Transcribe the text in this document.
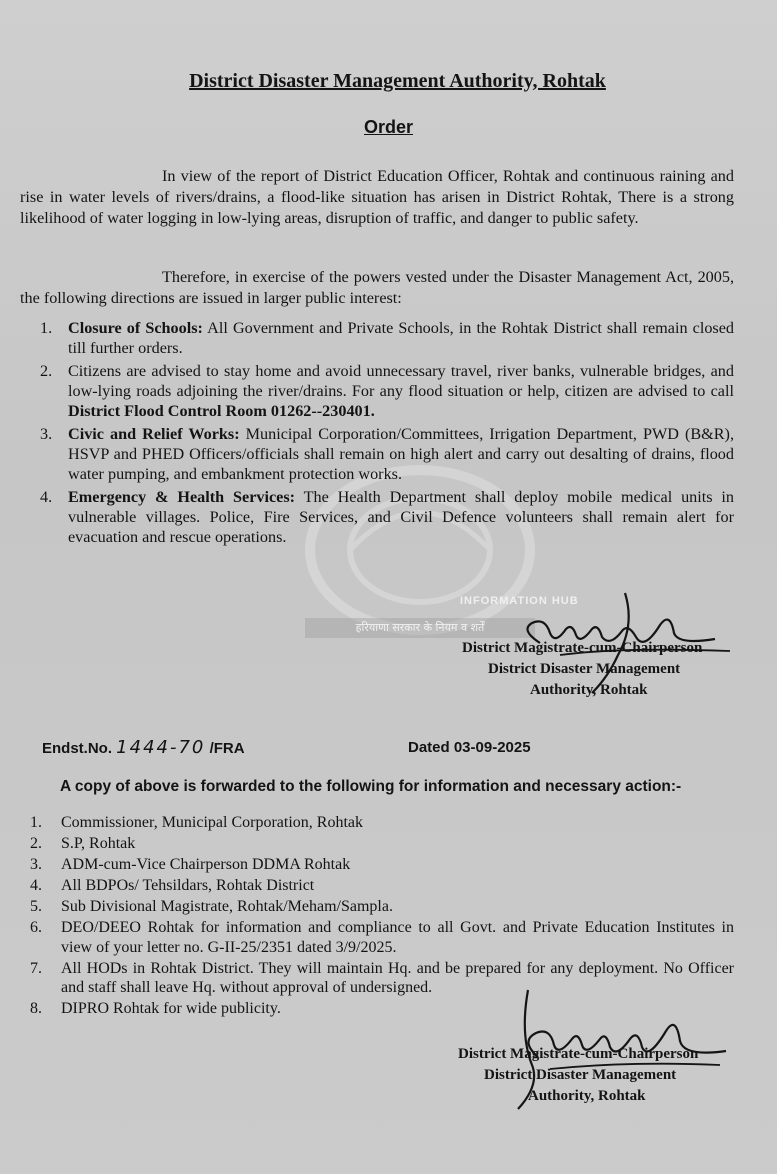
District Disaster Management Authority, Rohtak
Order
In view of the report of District Education Officer, Rohtak and continuous raining and rise in water levels of rivers/drains, a flood-like situation has arisen in District Rohtak, There is a strong likelihood of water logging in low-lying areas, disruption of traffic, and danger to public safety.
Therefore, in exercise of the powers vested under the Disaster Management Act, 2005, the following directions are issued in larger public interest:
INFORMATION HUB
हरियाणा सरकार के नियम व शर्तें
1. Closure of Schools: All Government and Private Schools, in the Rohtak District shall remain closed till further orders.
2. Citizens are advised to stay home and avoid unnecessary travel, river banks, vulnerable bridges, and low-lying roads adjoining the river/drains. For any flood situation or help, citizen are advised to call District Flood Control Room 01262--230401.
3. Civic and Relief Works: Municipal Corporation/Committees, Irrigation Department, PWD (B&R), HSVP and PHED Officers/officials shall remain on high alert and carry out desalting of drains, flood water pumping, and embankment protection works.
4. Emergency & Health Services: The Health Department shall deploy mobile medical units in vulnerable villages. Police, Fire Services, and Civil Defence volunteers shall remain alert for evacuation and rescue operations.
District Magistrate-cum-Chairperson
District Disaster Management
Authority, Rohtak
Endst.No. 1444-70 /FRA	Dated 03-09-2025
A copy of above is forwarded to the following for information and necessary action:-
1. Commissioner, Municipal Corporation, Rohtak
2. S.P, Rohtak
3. ADM-cum-Vice Chairperson DDMA Rohtak
4. All BDPOs/ Tehsildars, Rohtak District
5. Sub Divisional Magistrate, Rohtak/Meham/Sampla.
6. DEO/DEEO Rohtak for information and compliance to all Govt. and Private Education Institutes in view of your letter no. G-II-25/2351 dated 3/9/2025.
7. All HODs in Rohtak District. They will maintain Hq. and be prepared for any deployment. No Officer and staff shall leave Hq. without approval of undersigned.
8. DIPRO Rohtak for wide publicity.
District Magistrate-cum-Chairperson
District Disaster Management
Authority, Rohtak
